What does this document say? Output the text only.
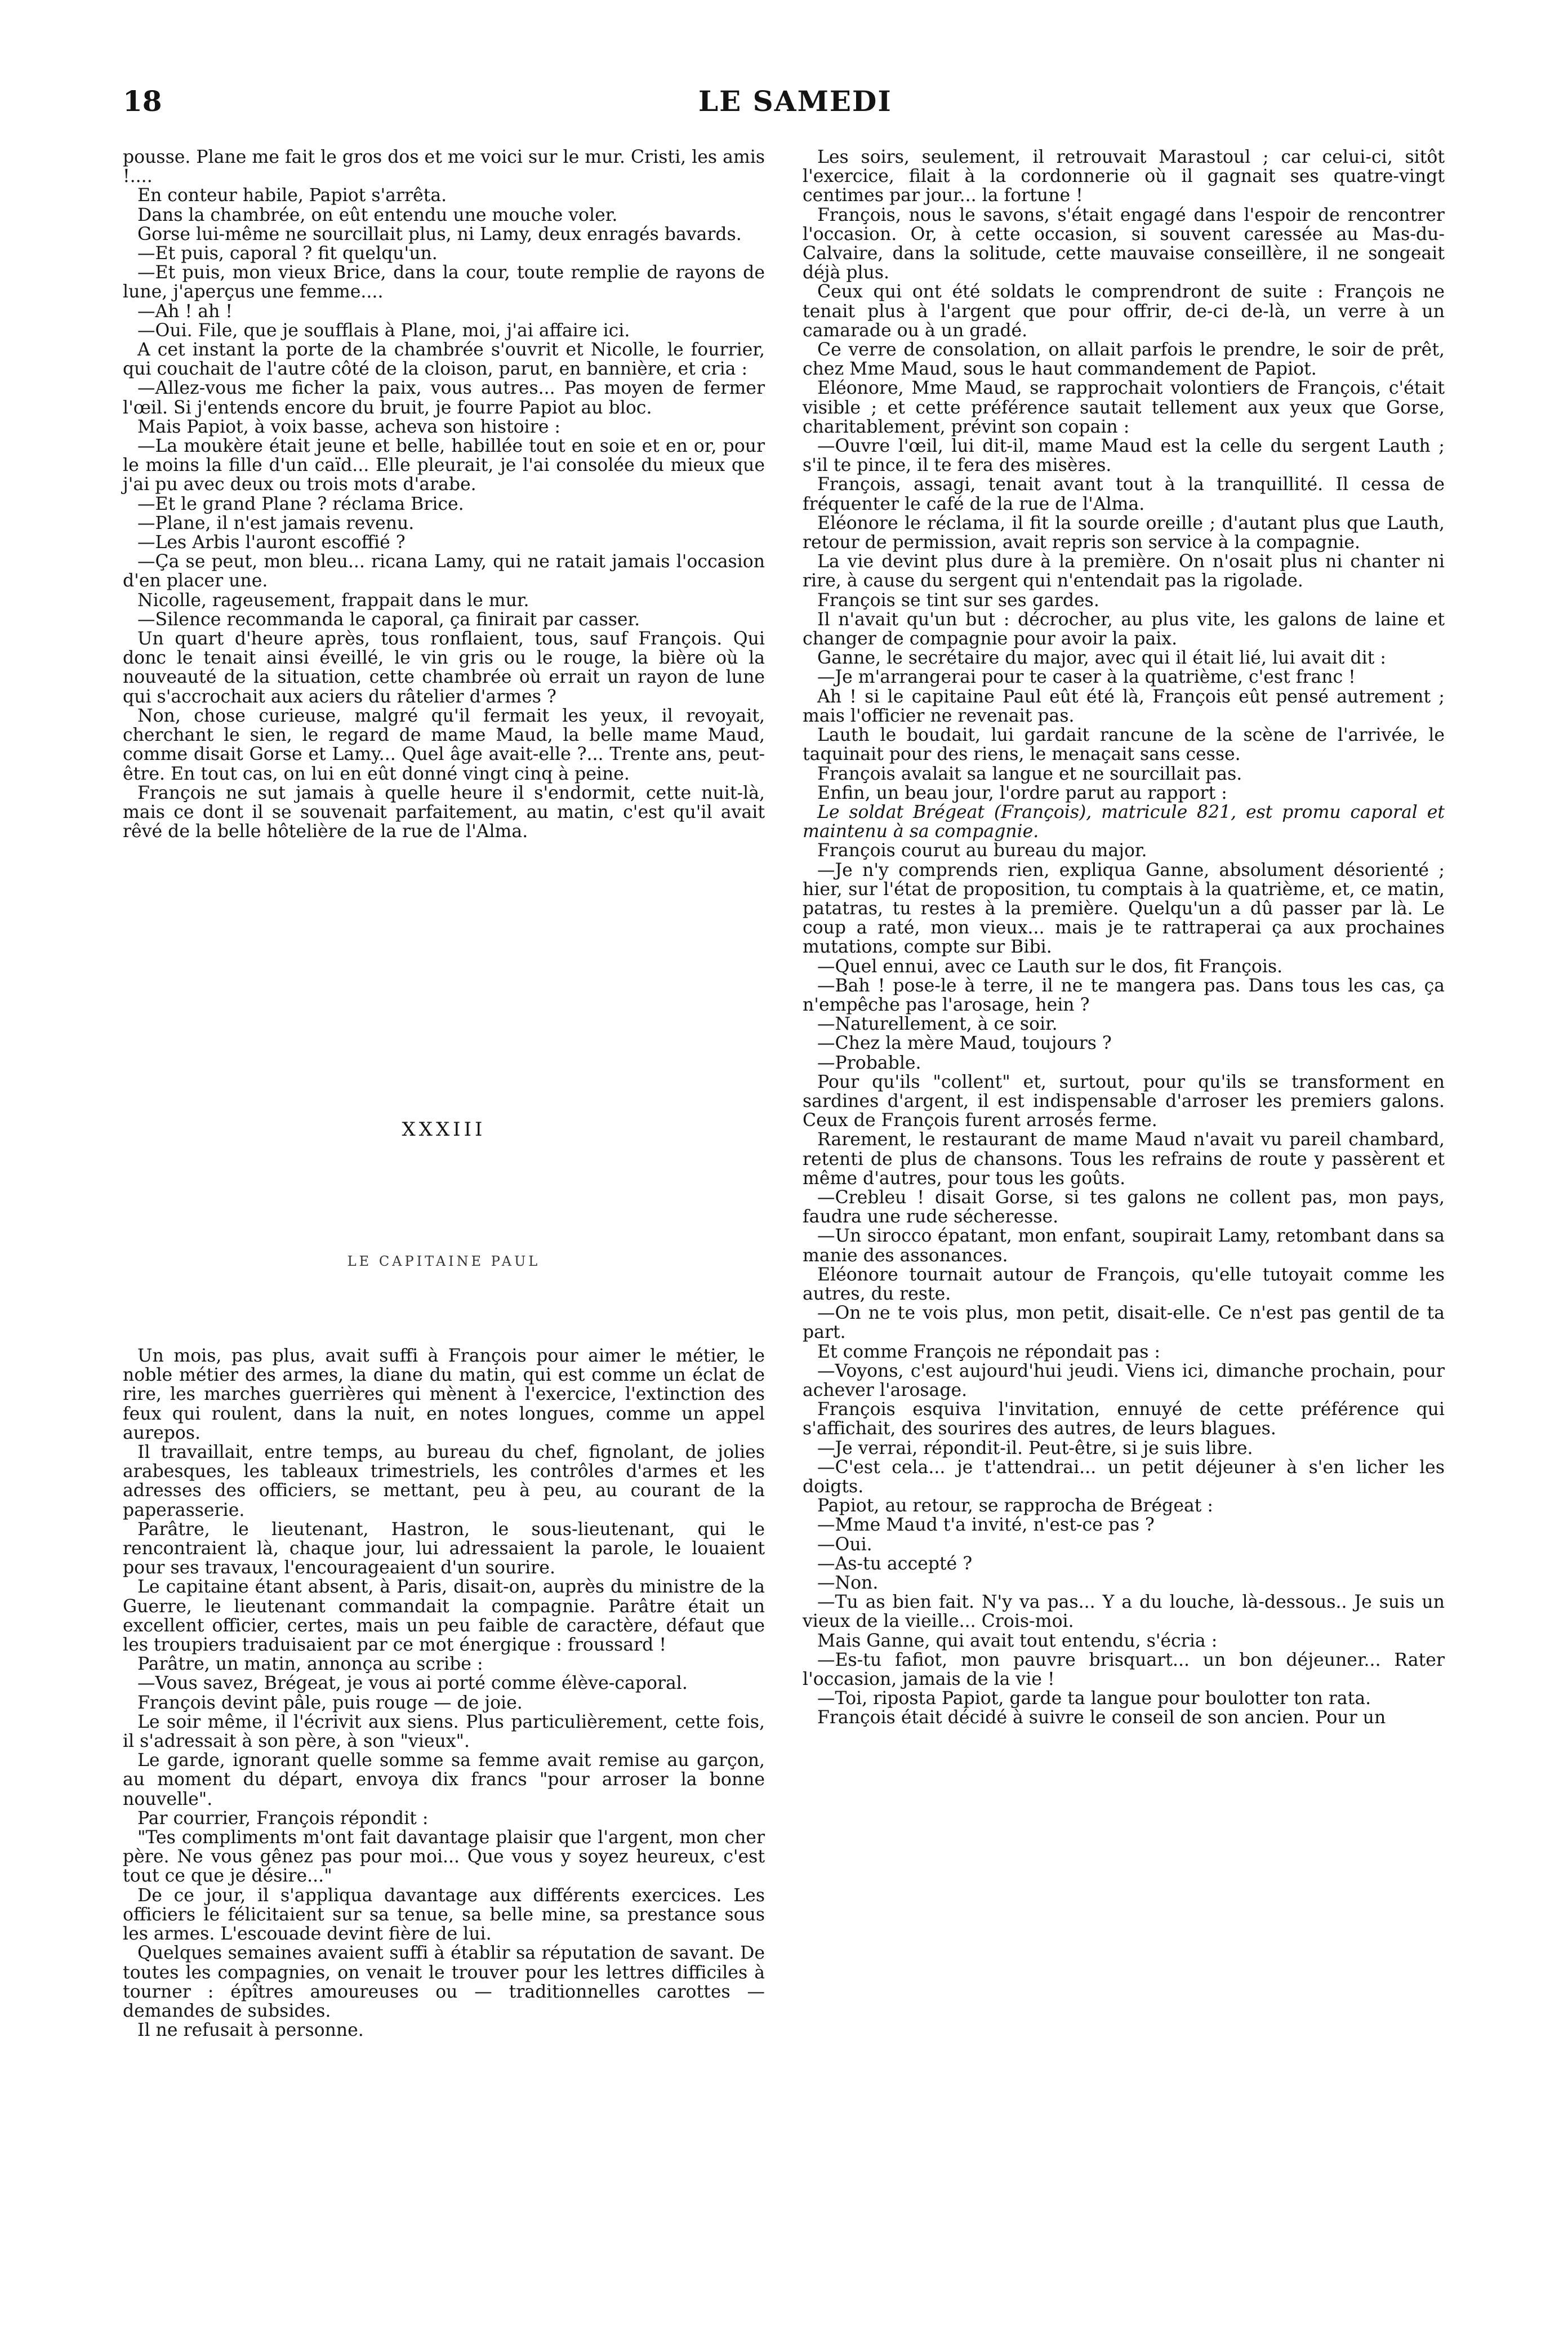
18	LE SAMEDI

pousse. Plane me fait le gros dos et me voici sur le mur. Cristi, les amis !....

En conteur habile, Papiot s'arrêta.

Dans la chambrée, on eût entendu une mouche voler.

Gorse lui-même ne sourcillait plus, ni Lamy, deux enragés bavards.

—Et puis, caporal ? fit quelqu'un.

—Et puis, mon vieux Brice, dans la cour, toute remplie de rayons de lune, j'aperçus une femme....

—Ah ! ah !

—Oui. File, que je soufflais à Plane, moi, j'ai affaire ici.

A cet instant la porte de la chambrée s'ouvrit et Nicolle, le fourrier, qui couchait de l'autre côté de la cloison, parut, en bannière, et cria :

—Allez-vous me ficher la paix, vous autres... Pas moyen de fermer l'œil. Si j'entends encore du bruit, je fourre Papiot au bloc.

Mais Papiot, à voix basse, acheva son histoire :

—La moukère était jeune et belle, habillée tout en soie et en or, pour le moins la fille d'un caïd... Elle pleurait, je l'ai consolée du mieux que j'ai pu avec deux ou trois mots d'arabe.

—Et le grand Plane ? réclama Brice.

—Plane, il n'est jamais revenu.

—Les Arbis l'auront escoffié ?

—Ça se peut, mon bleu... ricana Lamy, qui ne ratait jamais l'occasion d'en placer une.

Nicolle, rageusement, frappait dans le mur.

—Silence recommanda le caporal, ça finirait par casser.

Un quart d'heure après, tous ronflaient, tous, sauf François. Qui donc le tenait ainsi éveillé, le vin gris ou le rouge, la bière où la nouveauté de la situation, cette chambrée où errait un rayon de lune qui s'accrochait aux aciers du râtelier d'armes ?

Non, chose curieuse, malgré qu'il fermait les yeux, il revoyait, cherchant le sien, le regard de mame Maud, la belle mame Maud, comme disait Gorse et Lamy... Quel âge avait-elle ?... Trente ans, peut-être. En tout cas, on lui en eût donné vingt cinq à peine.

François ne sut jamais à quelle heure il s'endormit, cette nuit-là, mais ce dont il se souvenait parfaitement, au matin, c'est qu'il avait rêvé de la belle hôtelière de la rue de l'Alma.

XXXIII
LE CAPITAINE PAUL

Un mois, pas plus, avait suffi à François pour aimer le métier, le noble métier des armes, la diane du matin, qui est comme un éclat de rire, les marches guerrières qui mènent à l'exercice, l'extinction des feux qui roulent, dans la nuit, en notes longues, comme un appel aurepos.

Il travaillait, entre temps, au bureau du chef, fignolant, de jolies arabesques, les tableaux trimestriels, les contrôles d'armes et les adresses des officiers, se mettant, peu à peu, au courant de la paperasserie.

Parâtre, le lieutenant, Hastron, le sous-lieutenant, qui le rencontraient là, chaque jour, lui adressaient la parole, le louaient pour ses travaux, l'encourageaient d'un sourire.

Le capitaine étant absent, à Paris, disait-on, auprès du ministre de la Guerre, le lieutenant commandait la compagnie. Parâtre était un excellent officier, certes, mais un peu faible de caractère, défaut que les troupiers traduisaient par ce mot énergique : froussard !

Parâtre, un matin, annonça au scribe :

—Vous savez, Brégeat, je vous ai porté comme élève-caporal.

François devint pâle, puis rouge — de joie.

Le soir même, il l'écrivit aux siens. Plus particulièrement, cette fois, il s'adressait à son père, à son "vieux".

Le garde, ignorant quelle somme sa femme avait remise au garçon, au moment du départ, envoya dix francs "pour arroser la bonne nouvelle".

Par courrier, François répondit :

"Tes compliments m'ont fait davantage plaisir que l'argent, mon cher père. Ne vous gênez pas pour moi... Que vous y soyez heureux, c'est tout ce que je désire..."

De ce jour, il s'appliqua davantage aux différents exercices. Les officiers le félicitaient sur sa tenue, sa belle mine, sa prestance sous les armes. L'escouade devint fière de lui.

Quelques semaines avaient suffi à établir sa réputation de savant. De toutes les compagnies, on venait le trouver pour les lettres difficiles à tourner : épîtres amoureuses ou — traditionnelles carottes — demandes de subsides.

Il ne refusait à personne.

Les soirs, seulement, il retrouvait Marastoul ; car celui-ci, sitôt l'exercice, filait à la cordonnerie où il gagnait ses quatre-vingt centimes par jour... la fortune !

François, nous le savons, s'était engagé dans l'espoir de rencontrer l'occasion. Or, à cette occasion, si souvent caressée au Mas-du-Calvaire, dans la solitude, cette mauvaise conseillère, il ne songeait déjà plus.

Ceux qui ont été soldats le comprendront de suite : François ne tenait plus à l'argent que pour offrir, de-ci de-là, un verre à un camarade ou à un gradé.

Ce verre de consolation, on allait parfois le prendre, le soir de prêt, chez Mme Maud, sous le haut commandement de Papiot.

Eléonore, Mme Maud, se rapprochait volontiers de François, c'était visible ; et cette préférence sautait tellement aux yeux que Gorse, charitablement, prévint son copain :

—Ouvre l'œil, lui dit-il, mame Maud est la celle du sergent Lauth ; s'il te pince, il te fera des misères.

François, assagi, tenait avant tout à la tranquillité. Il cessa de fréquenter le café de la rue de l'Alma.

Eléonore le réclama, il fit la sourde oreille ; d'autant plus que Lauth, retour de permission, avait repris son service à la compagnie.

La vie devint plus dure à la première. On n'osait plus ni chanter ni rire, à cause du sergent qui n'entendait pas la rigolade.

François se tint sur ses gardes.

Il n'avait qu'un but : décrocher, au plus vite, les galons de laine et changer de compagnie pour avoir la paix.

Ganne, le secrétaire du major, avec qui il était lié, lui avait dit :

—Je m'arrangerai pour te caser à la quatrième, c'est franc !

Ah ! si le capitaine Paul eût été là, François eût pensé autrement ; mais l'officier ne revenait pas.

Lauth le boudait, lui gardait rancune de la scène de l'arrivée, le taquinait pour des riens, le menaçait sans cesse.

François avalait sa langue et ne sourcillait pas.

Enfin, un beau jour, l'ordre parut au rapport :

Le soldat Brégeat (François), matricule 821, est promu caporal et maintenu à sa compagnie.

François courut au bureau du major.

—Je n'y comprends rien, expliqua Ganne, absolument désorienté ; hier, sur l'état de proposition, tu comptais à la quatrième, et, ce matin, patatras, tu restes à la première. Quelqu'un a dû passer par là. Le coup a raté, mon vieux... mais je te rattraperai ça aux prochaines mutations, compte sur Bibi.

—Quel ennui, avec ce Lauth sur le dos, fit François.

—Bah ! pose-le à terre, il ne te mangera pas. Dans tous les cas, ça n'empêche pas l'arosage, hein ?

—Naturellement, à ce soir.

—Chez la mère Maud, toujours ?

—Probable.

Pour qu'ils "collent" et, surtout, pour qu'ils se transforment en sardines d'argent, il est indispensable d'arroser les premiers galons. Ceux de François furent arrosés ferme.

Rarement, le restaurant de mame Maud n'avait vu pareil chambard, retenti de plus de chansons. Tous les refrains de route y passèrent et même d'autres, pour tous les goûts.

—Crebleu ! disait Gorse, si tes galons ne collent pas, mon pays, faudra une rude sécheresse.

—Un sirocco épatant, mon enfant, soupirait Lamy, retombant dans sa manie des assonances.

Eléonore tournait autour de François, qu'elle tutoyait comme les autres, du reste.

—On ne te vois plus, mon petit, disait-elle. Ce n'est pas gentil de ta part.

Et comme François ne répondait pas :

—Voyons, c'est aujourd'hui jeudi. Viens ici, dimanche prochain, pour achever l'arosage.

François esquiva l'invitation, ennuyé de cette préférence qui s'affichait, des sourires des autres, de leurs blagues.

—Je verrai, répondit-il. Peut-être, si je suis libre.

—C'est cela... je t'attendrai... un petit déjeuner à s'en licher les doigts.

Papiot, au retour, se rapprocha de Brégeat :

—Mme Maud t'a invité, n'est-ce pas ?

—Oui.

—As-tu accepté ?

—Non.

—Tu as bien fait. N'y va pas... Y a du louche, là-dessous.. Je suis un vieux de la vieille... Crois-moi.

Mais Ganne, qui avait tout entendu, s'écria :

—Es-tu fafiot, mon pauvre brisquart... un bon déjeuner... Rater l'occasion, jamais de la vie !

—Toi, riposta Papiot, garde ta langue pour boulotter ton rata.

François était décidé à suivre le conseil de son ancien. Pour un
